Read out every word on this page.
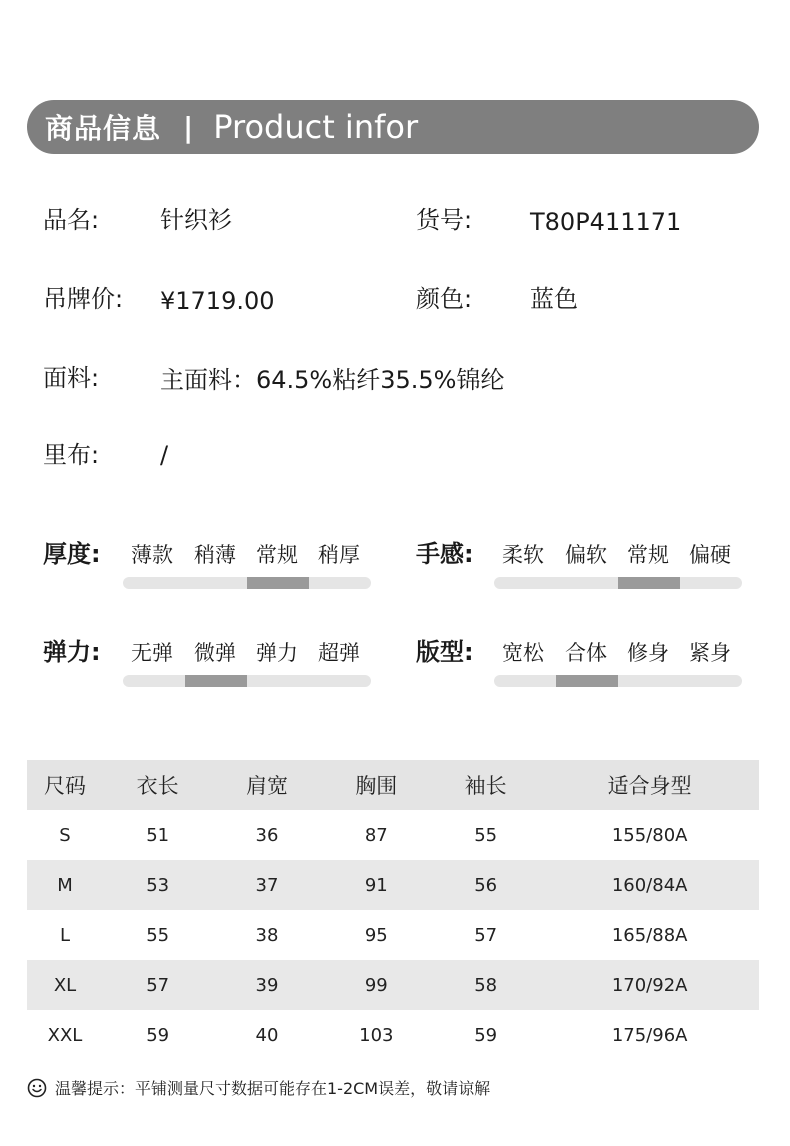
商品信息 | Product infor
品名:	针织衫	货号: T80P411171
吊牌价: ¥1719.00	颜色: 蓝色
面料:	主面料：64.5%粘纤35.5%锦纶
里布:	/
厚度: 薄款 稍薄 常规 稍厚 手感: 柔软 偏软 常规 偏硬
弹力: 无弹 微弹 弹力 超弹 版型: 宽松 合体 修身 紧身
尺码	衣长	肩宽	胸围	袖长	适合身型
S	51	36	87	55	155/80A
M	53	37	91	56	160/84A
L	55	38	95	57	165/88A
XL	57	39	99	58	170/92A
XXL	59	40	103	59	175/96A
温馨提示：平铺测量尺寸数据可能存在1-2CM误差，敬请谅解
